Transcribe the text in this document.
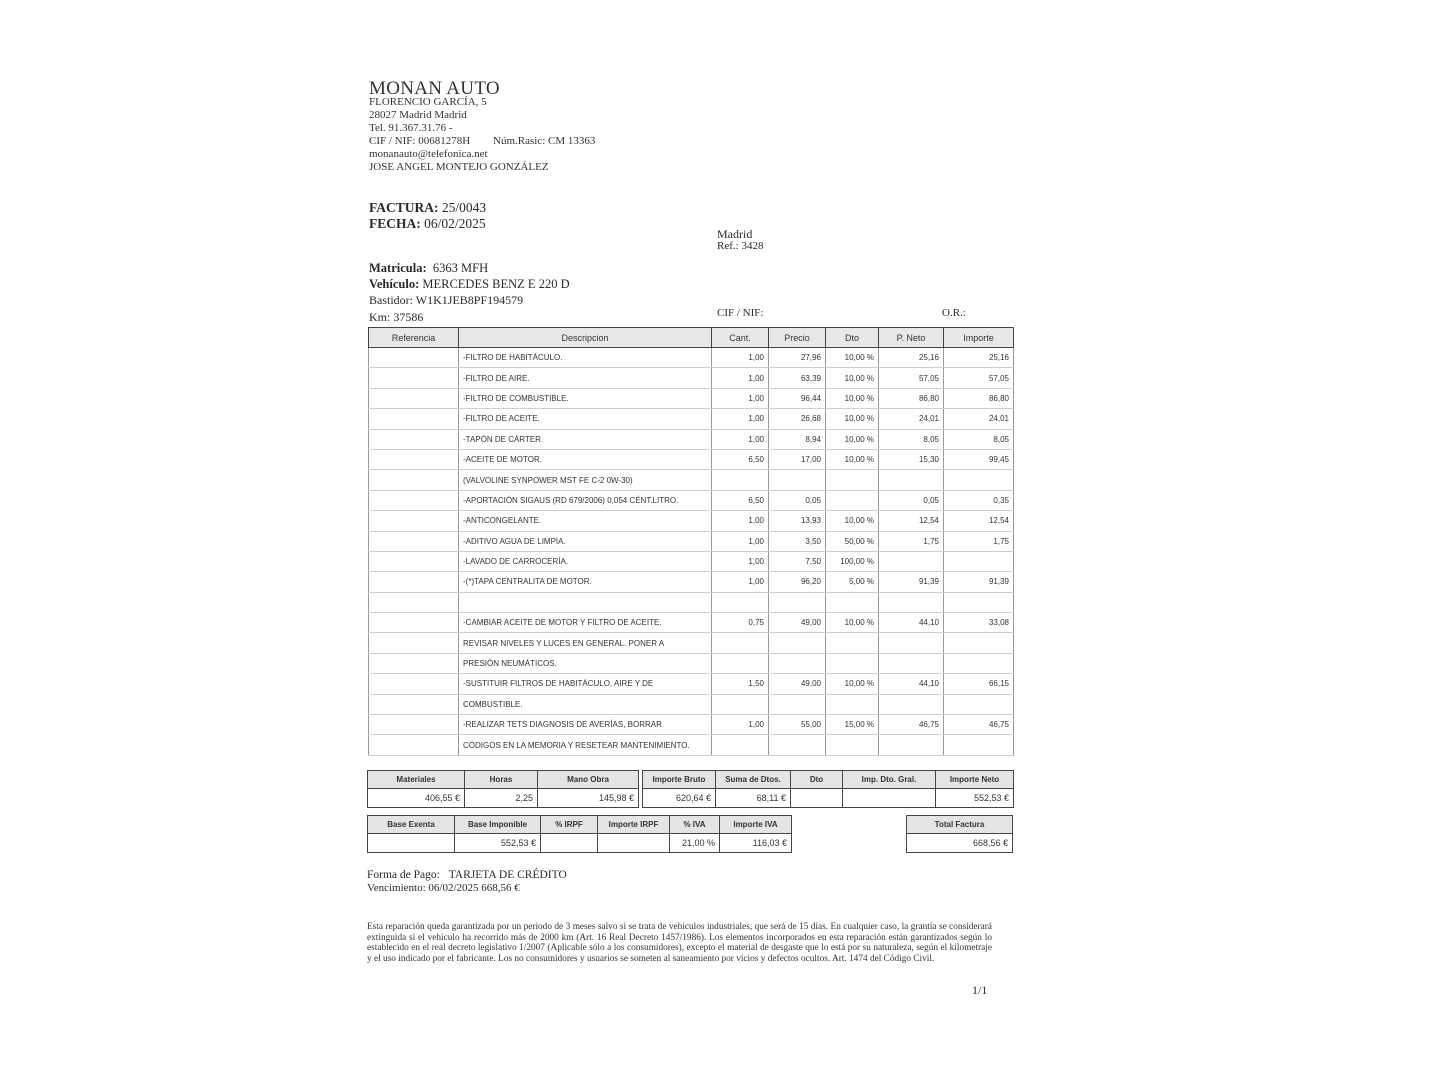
MONAN AUTO
FLORENCIO GARCÍA, 5
28027 Madrid Madrid
Tel. 91.367.31.76 -
CIF / NIF: 00681278H Núm.Rasic: CM 13363
monanauto@telefonica.net
JOSE ANGEL MONTEJO GONZÁLEZ
FACTURA: 25/0043
FECHA: 06/02/2025
Madrid
Ref.: 3428
Matricula: 6363 MFH
Vehículo: MERCEDES BENZ E 220 D
Bastidor: W1K1JEB8PF194579
Km: 37586	CIF / NIF:	O.R.:
Referencia	Descripcion	Cant.	Precio	Dto	P. Neto	Importe
	-FILTRO DE HABITÁCULO.	1,00	27,96	10,00 %	25,16	25,16
	-FILTRO DE AIRE.	1,00	63,39	10,00 %	57,05	57,05
	-FILTRO DE COMBUSTIBLE.	1,00	96,44	10,00 %	86,80	86,80
	-FILTRO DE ACEITE.	1,00	26,68	10,00 %	24,01	24,01
	-TAPÓN DE CÁRTER.	1,00	8,94	10,00 %	8,05	8,05
	-ACEITE DE MOTOR.	6,50	17,00	10,00 %	15,30	99,45
	(VALVOLINE SYNPOWER MST FE C-2 0W-30)					
	-APORTACIÓN SIGAUS (RD 679/2006) 0,054 CÉNT.LITRO.	6,50	0,05		0,05	0,35
	-ANTICONGELANTE.	1,00	13,93	10,00 %	12,54	12,54
	-ADITIVO AGUA DE LIMPIA.	1,00	3,50	50,00 %	1,75	1,75
	-LAVADO DE CARROCERÍA.	1,00	7,50	100,00 %		
	-(*)TAPA CENTRALITA DE MOTOR.	1,00	96,20	5,00 %	91,39	91,39

	-CAMBIAR ACEITE DE MOTOR Y FILTRO DE ACEITE.	0,75	49,00	10,00 %	44,10	33,08
	REVISAR NIVELES Y LUCES EN GENERAL. PONER A					
	PRESIÓN NEUMÁTICOS.					
	-SUSTITUIR FILTROS DE HABITÁCULO, AIRE Y DE	1,50	49,00	10,00 %	44,10	66,15
	COMBUSTIBLE.					
	-REALIZAR TETS DIAGNOSIS DE AVERÍAS, BORRAR	1,00	55,00	15,00 %	46,75	46,75
	CÓDIGOS EN LA MEMORIA Y RESETEAR MANTENIMIENTO.					
Materiales	Horas	Mano Obra
406,55 €	2,25	145,98 €
Importe Bruto	Suma de Dtos.	Dto	Imp. Dto. Gral.	Importe Neto
620,64 €	68,11 €			552,53 €
Base Exenta	Base Imponible	% IRPF	Importe IRPF	% IVA	Importe IVA
	552,53 €			21,00 %	116,03 €
Total Factura
668,56 €
Forma de Pago: TARJETA DE CRÉDITO
Vencimiento: 06/02/2025 668,56 €
Esta reparación queda garantizada por un periodo de 3 meses salvo si se trata de vehículos industriales, que será de 15 días. En cualquier caso, la grantía se considerará extinguida si el vehículo ha recorrido más de 2000 km (Art. 16 Real Decreto 1457/1986). Los elementos incorporados en esta reparación están garantizados según lo establecido en el real decreto legislativo 1/2007 (Aplicable sólo a los consumidores), excepto el material de desgaste que lo está por su naturaleza, según el kilometraje y el uso indicado por el fabricante. Los no consumidores y usuarios se someten al saneamiento por vicios y defectos ocultos. Art. 1474 del Código Civil.
1/1
